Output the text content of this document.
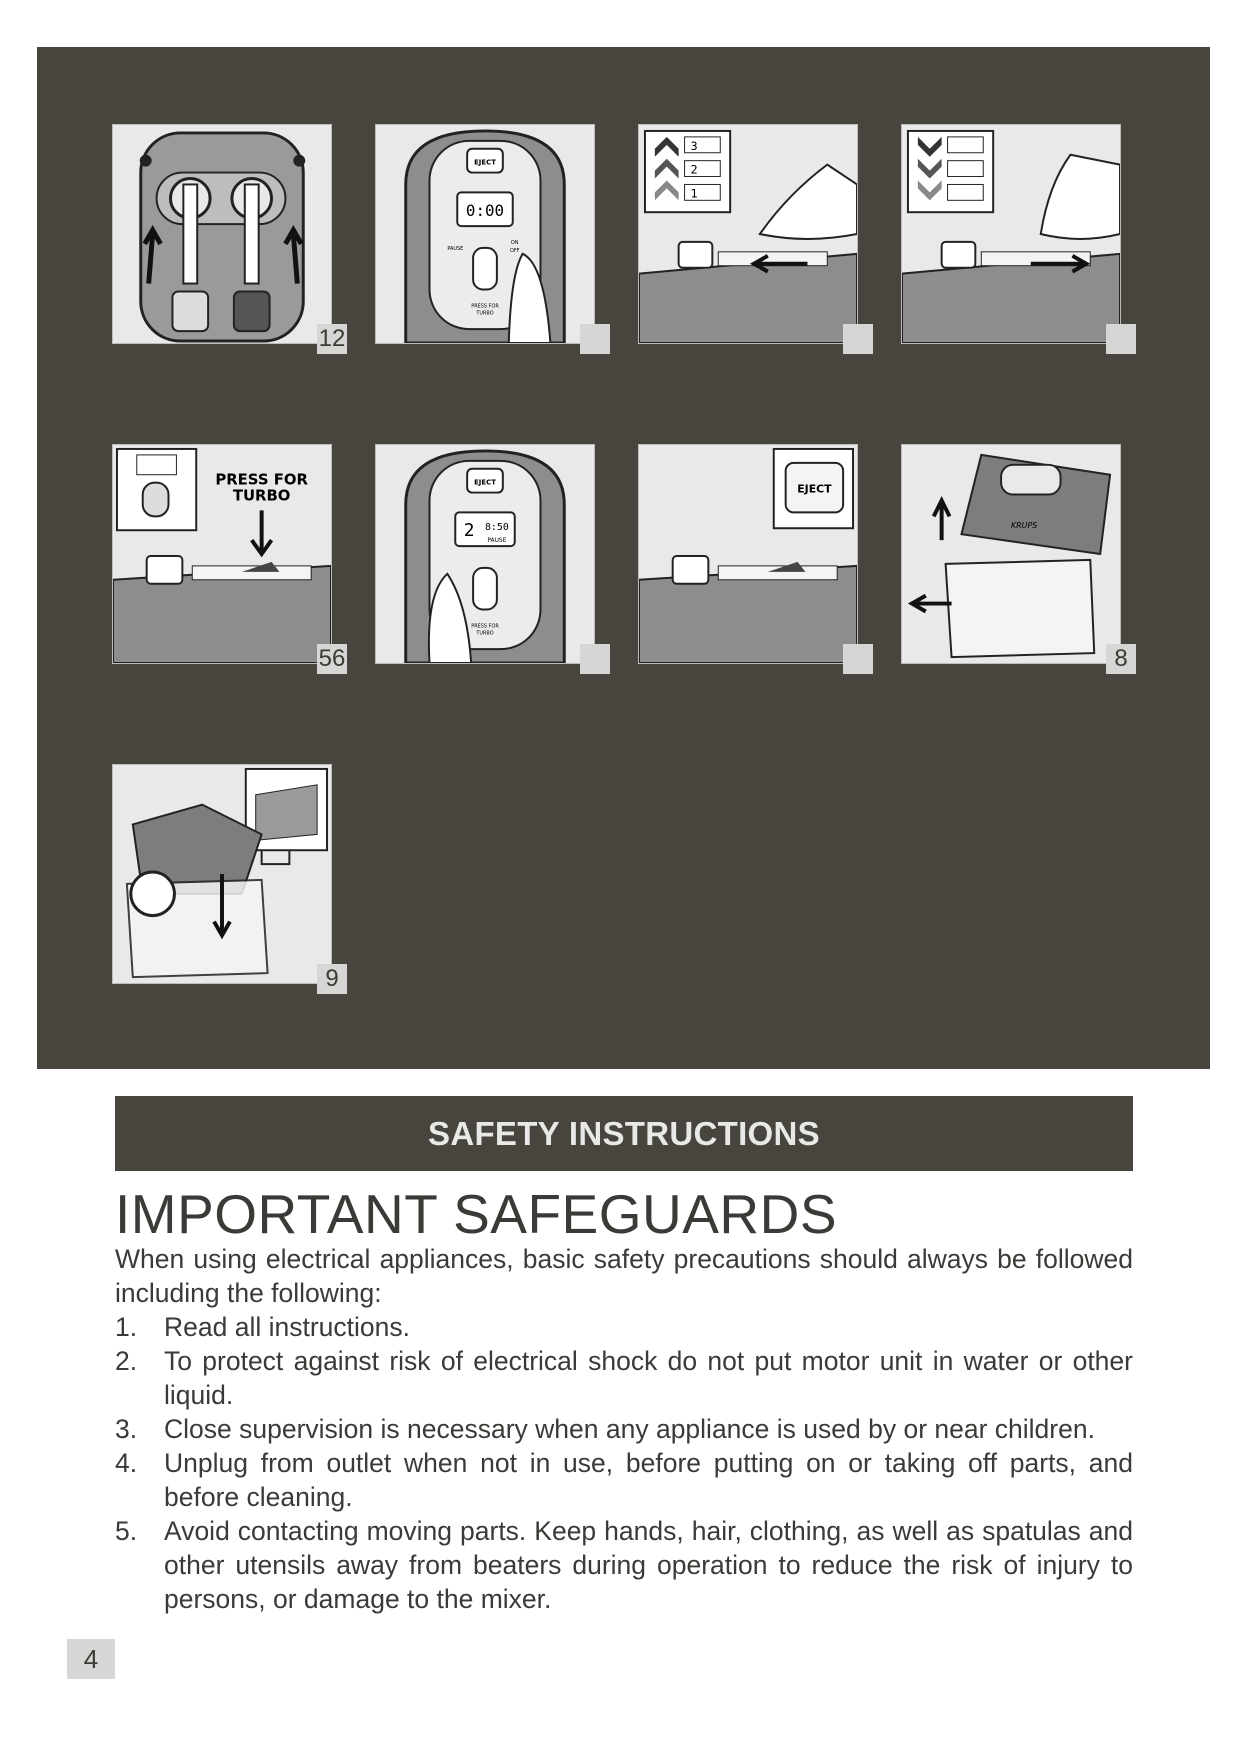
12
EJECT
0:00
PAUSE
ON
OFF
PRESS FOR
TURBO
3
2
1
PRESS FOR
TURBO
56
EJECT
2 8:50
PAUSE
PRESS FOR
TURBO
EJECT
KRUPS
8
9
SAFETY INSTRUCTIONS
IMPORTANT SAFEGUARDS

When using electrical appliances, basic safety precautions should always be followed including the following:

1. Read all instructions.
2. To protect against risk of electrical shock do not put motor unit in water or other liquid.
3. Close supervision is necessary when any appliance is used by or near children.
4. Unplug from outlet when not in use, before putting on or taking off parts, and before cleaning.
5. Avoid contacting moving parts. Keep hands, hair, clothing, as well as spatulas and other utensils away from beaters during operation to reduce the risk of injury to persons, or damage to the mixer.
4
